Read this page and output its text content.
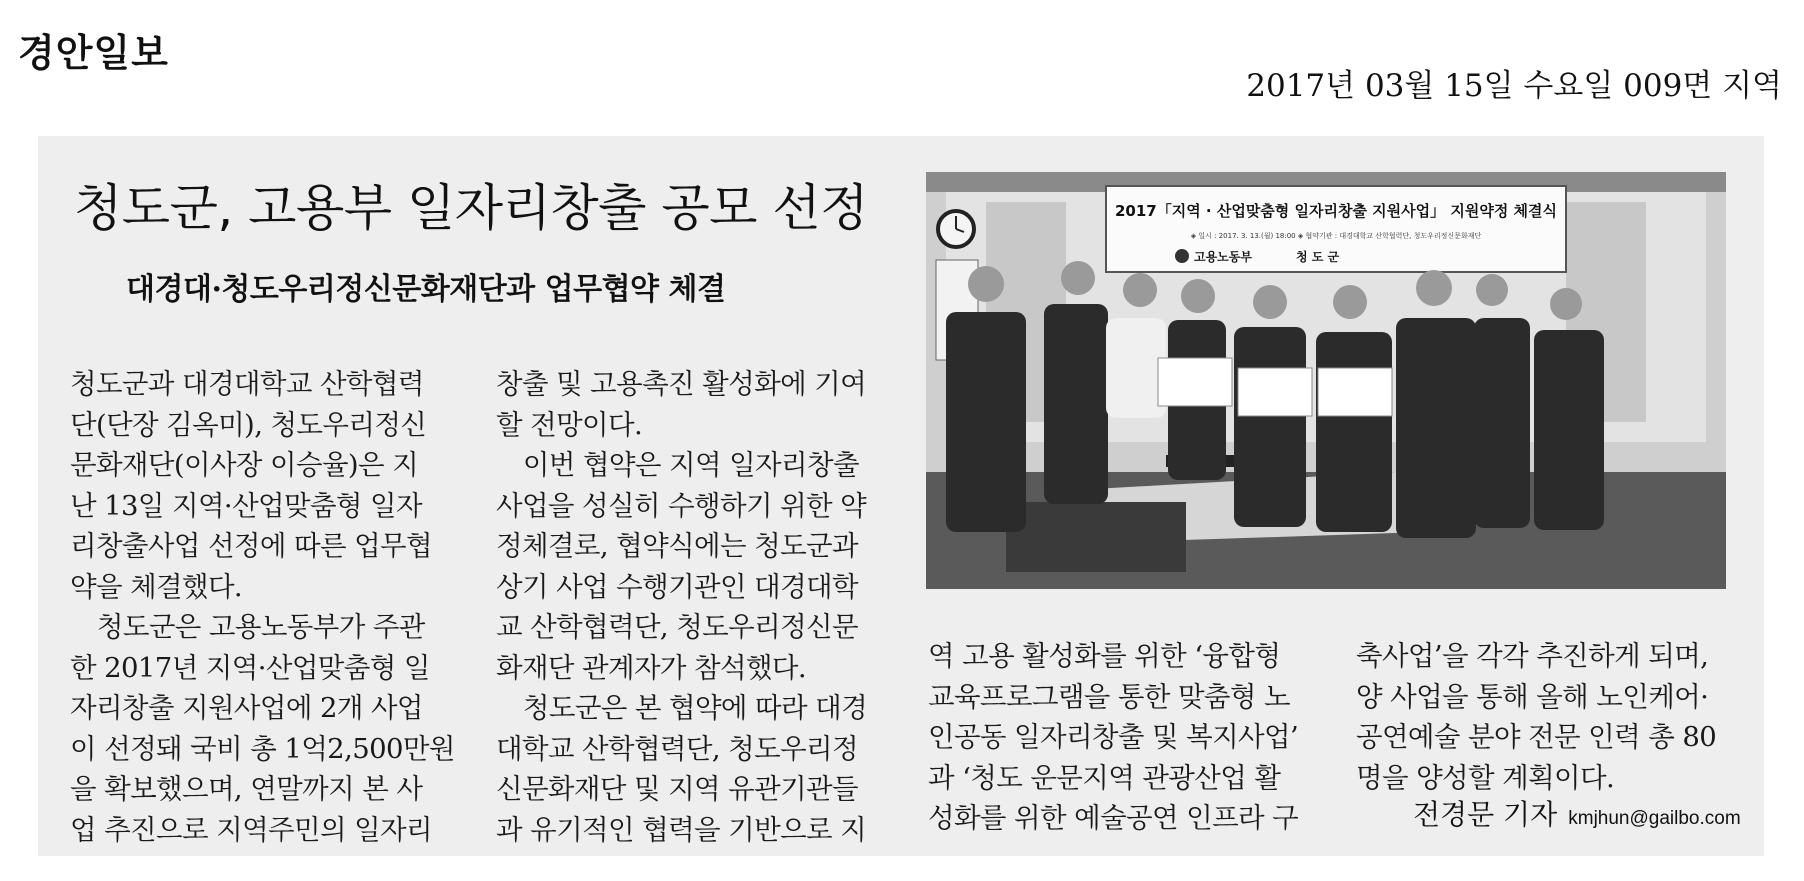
경안일보
2017년 03월 15일 수요일 009면 지역
청도군, 고용부 일자리창출 공모 선정
대경대·청도우리정신문화재단과 업무협약 체결
청도군과 대경대학교 산학협력
단(단장 김옥미), 청도우리정신
문화재단(이사장 이승율)은 지
난 13일 지역·산업맞춤형 일자
리창출사업 선정에 따른 업무협
약을 체결했다.
 청도군은 고용노동부가 주관
한 2017년 지역·산업맞춤형 일
자리창출 지원사업에 2개 사업
이 선정돼 국비 총 1억2,500만원
을 확보했으며, 연말까지 본 사
업 추진으로 지역주민의 일자리
창출 및 고용촉진 활성화에 기여
할 전망이다.
 이번 협약은 지역 일자리창출
사업을 성실히 수행하기 위한 약
정체결로, 협약식에는 청도군과
상기 사업 수행기관인 대경대학
교 산학협력단, 청도우리정신문
화재단 관계자가 참석했다.
 청도군은 본 협약에 따라 대경
대학교 산학협력단, 청도우리정
신문화재단 및 지역 유관기관들
과 유기적인 협력을 기반으로 지
역 고용 활성화를 위한 ‘융합형
교육프로그램을 통한 맞춤형 노
인공동 일자리창출 및 복지사업’
과 ‘청도 운문지역 관광산업 활
성화를 위한 예술공연 인프라 구
축사업’을 각각 추진하게 되며,
양 사업을 통해 올해 노인케어·
공연예술 분야 전문 인력 총 80
명을 양성할 계획이다.
전경문 기자 kmjhun@gailbo.com
2017「지역 · 산업맞춤형 일자리창출 지원사업」 지원약정 체결식
◈ 일시 : 2017. 3. 13.(월) 18:00 ◈ 협약기관 : 대경대학교 산학협력단, 청도우리정신문화재단
고용노동부	청 도 군
